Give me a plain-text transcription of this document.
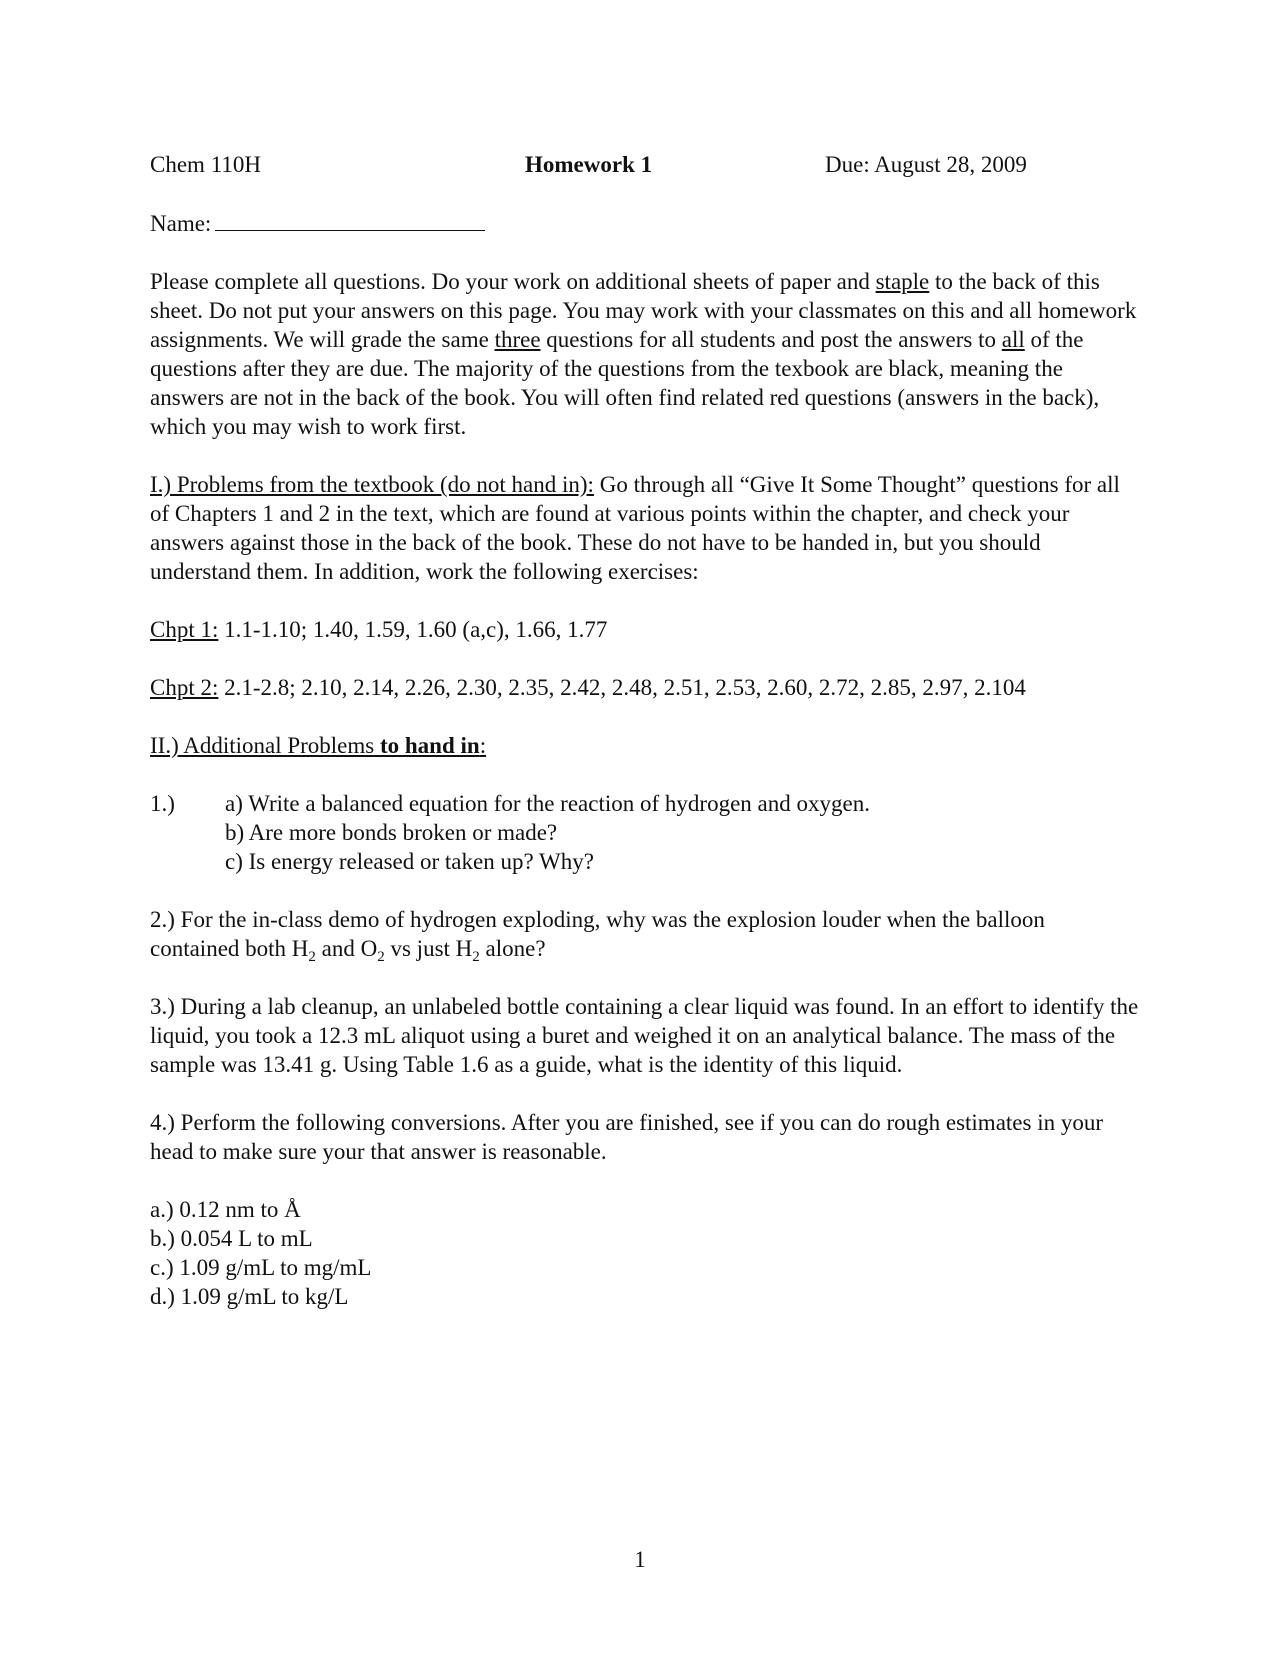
Chem 110H	Homework 1	Due: August 28, 2009

Name:

Please complete all questions. Do your work on additional sheets of paper and staple to the back of this sheet. Do not put your answers on this page. You may work with your classmates on this and all homework assignments. We will grade the same three questions for all students and post the answers to all of the questions after they are due. The majority of the questions from the texbook are black, meaning the answers are not in the back of the book. You will often find related red questions (answers in the back), which you may wish to work first.

I.) Problems from the textbook (do not hand in): Go through all “Give It Some Thought” questions for all of Chapters 1 and 2 in the text, which are found at various points within the chapter, and check your answers against those in the back of the book. These do not have to be handed in, but you should understand them. In addition, work the following exercises:

Chpt 1: 1.1-1.10; 1.40, 1.59, 1.60 (a,c), 1.66, 1.77

Chpt 2: 2.1-2.8; 2.10, 2.14, 2.26, 2.30, 2.35, 2.42, 2.48, 2.51, 2.53, 2.60, 2.72, 2.85, 2.97, 2.104

II.) Additional Problems to hand in:

1.)	a) Write a balanced equation for the reaction of hydrogen and oxygen.
b) Are more bonds broken or made?
c) Is energy released or taken up? Why?

2.) For the in-class demo of hydrogen exploding, why was the explosion louder when the balloon contained both $H_2$ and $O_2$ vs just $H_2$ alone?

3.) During a lab cleanup, an unlabeled bottle containing a clear liquid was found. In an effort to identify the liquid, you took a 12.3 mL aliquot using a buret and weighed it on an analytical balance. The mass of the sample was 13.41 g. Using Table 1.6 as a guide, what is the identity of this liquid.

4.) Perform the following conversions. After you are finished, see if you can do rough estimates in your head to make sure your that answer is reasonable.

a.) 0.12 nm to Å
b.) 0.054 L to mL
c.) 1.09 g/mL to mg/mL
d.) 1.09 g/mL to kg/L
1
